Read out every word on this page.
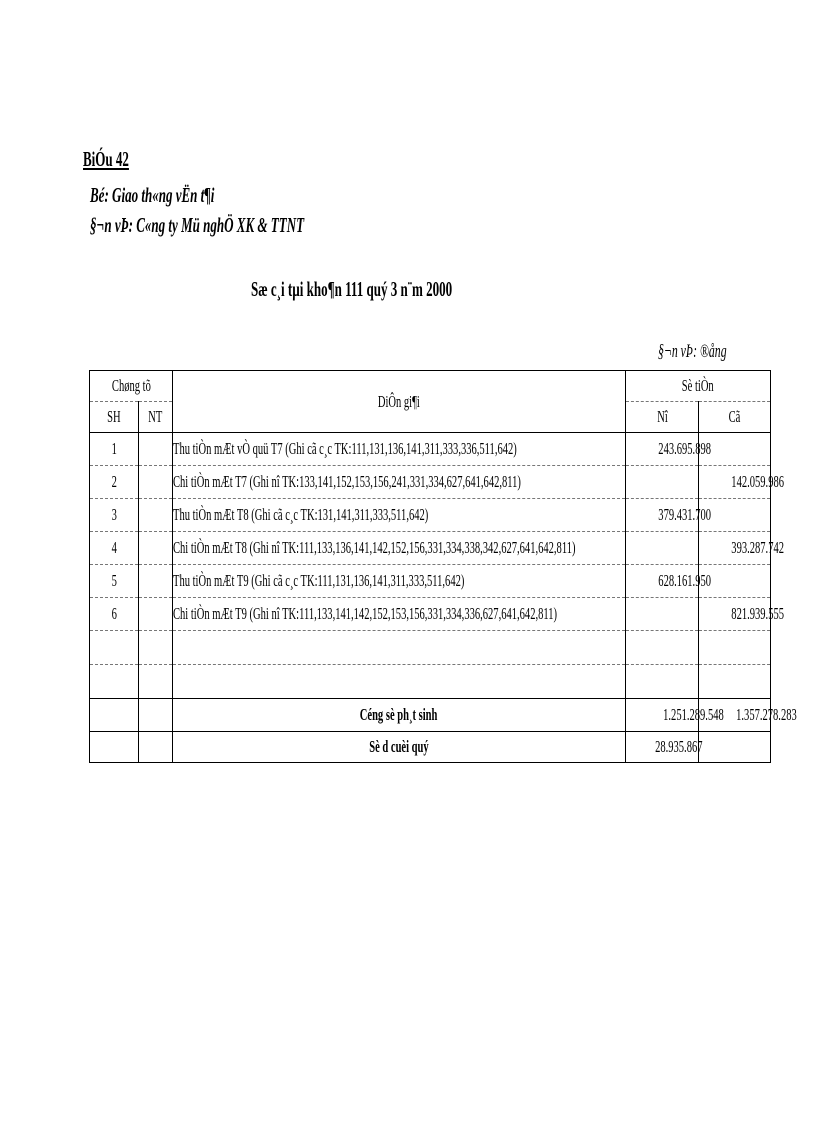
BiÓu 42
Bé: Giao th«ng vËn t¶i
§¬n vÞ: C«ng ty Mü nghÖ XK & TTNT
Sæ c¸i tµi kho¶n 111 quý 3 n¨m 2000
§¬n vÞ: ®ång
Chøng tõ		DiÔn gi¶i	Sè tiÒn	
SH	NT		Nî	Cã
1		Thu tiÒn mÆt vÒ quü T7 (Ghi cã c¸c TK:111,131,136,141,311,333,336,511,642)	243.695.898	
2		Chi tiÒn mÆt T7 (Ghi nî TK:133,141,152,153,156,241,331,334,627,641,642,811)		142.059.986
3		Thu tiÒn mÆt T8 (Ghi cã c¸c TK:131,141,311,333,511,642)	379.431.700	
4		Chi tiÒn mÆt T8 (Ghi nî TK:111,133,136,141,142,152,156,331,334,338,342,627,641,642,811)		393.287.742
5		Thu tiÒn mÆt T9 (Ghi cã c¸c TK:111,131,136,141,311,333,511,642)	628.161.950	
6		Chi tiÒn mÆt T9 (Ghi nî TK:111,133,141,142,152,153,156,331,334,336,627,641,642,811)		821.939.555

		Céng sè ph¸t sinh	1.251.289.548	1.357.278.283
		Sè d cuèi quý	28.935.867	
